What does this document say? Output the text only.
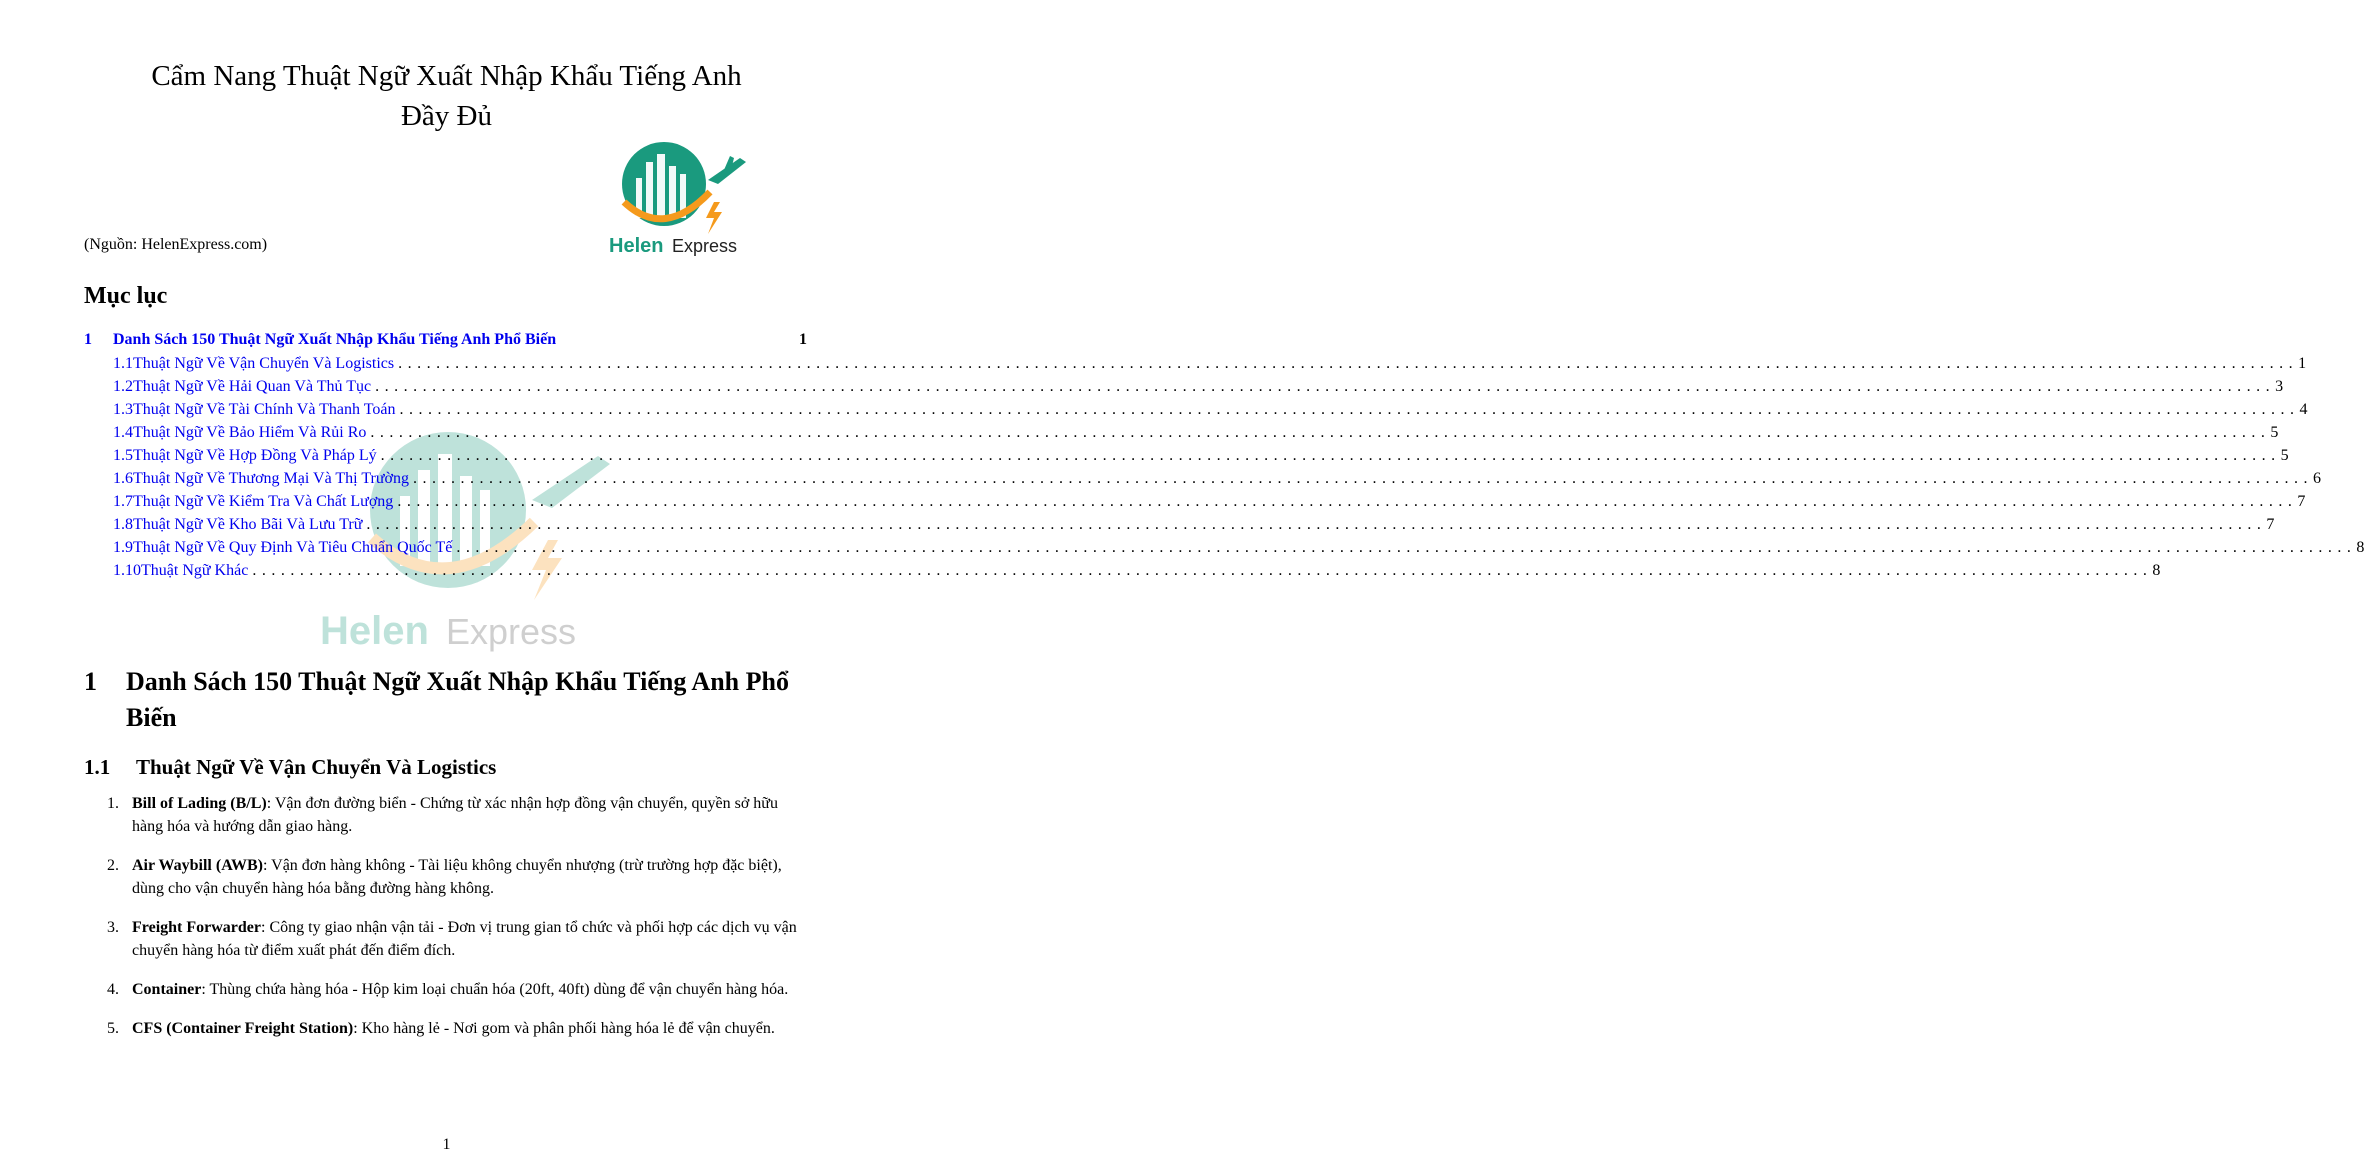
Cẩm Nang Thuật Ngữ Xuất Nhập Khẩu Tiếng Anh
Đầy Đủ
(Nguồn: HelenExpress.com)	Helen Express
Helen Express
Mục lục
1	Danh Sách 150 Thuật Ngữ Xuất Nhập Khẩu Tiếng Anh Phổ Biến	1
1.1 Thuật Ngữ Về Vận Chuyển Và Logistics ........................................................................................................................................................................................................ 1
1.2 Thuật Ngữ Về Hải Quan Và Thủ Tục ........................................................................................................................................................................................................ 3
1.3 Thuật Ngữ Về Tài Chính Và Thanh Toán ........................................................................................................................................................................................................ 4
1.4 Thuật Ngữ Về Bảo Hiểm Và Rủi Ro ........................................................................................................................................................................................................ 5
1.5 Thuật Ngữ Về Hợp Đồng Và Pháp Lý ........................................................................................................................................................................................................ 5
1.6 Thuật Ngữ Về Thương Mại Và Thị Trường ........................................................................................................................................................................................................ 6
1.7 Thuật Ngữ Về Kiểm Tra Và Chất Lượng ........................................................................................................................................................................................................ 7
1.8 Thuật Ngữ Về Kho Bãi Và Lưu Trữ ........................................................................................................................................................................................................ 7
1.9 Thuật Ngữ Về Quy Định Và Tiêu Chuẩn Quốc Tế ........................................................................................................................................................................................................ 8
1.10 Thuật Ngữ Khác ........................................................................................................................................................................................................ 8
1	Danh Sách 150 Thuật Ngữ Xuất Nhập Khẩu Tiếng Anh Phổ Biến
1.1	Thuật Ngữ Về Vận Chuyển Và Logistics
1. Bill of Lading (B/L): Vận đơn đường biển - Chứng từ xác nhận hợp đồng vận chuyển, quyền sở hữu hàng hóa và hướng dẫn giao hàng.
2. Air Waybill (AWB): Vận đơn hàng không - Tài liệu không chuyển nhượng (trừ trường hợp đặc biệt), dùng cho vận chuyển hàng hóa bằng đường hàng không.
3. Freight Forwarder: Công ty giao nhận vận tải - Đơn vị trung gian tổ chức và phối hợp các dịch vụ vận chuyển hàng hóa từ điểm xuất phát đến điểm đích.
4. Container: Thùng chứa hàng hóa - Hộp kim loại chuẩn hóa (20ft, 40ft) dùng để vận chuyển hàng hóa.
5. CFS (Container Freight Station): Kho hàng lẻ - Nơi gom và phân phối hàng hóa lẻ để vận chuyển.
1
